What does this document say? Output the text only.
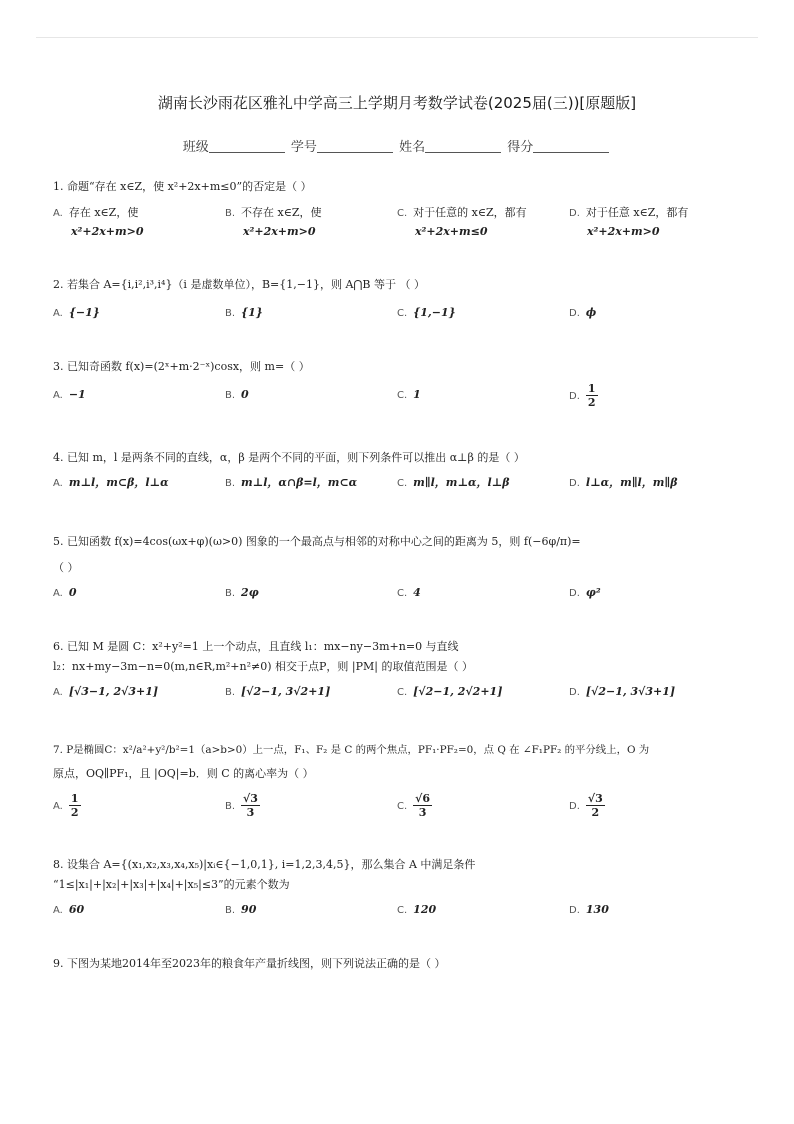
湖南长沙雨花区雅礼中学高三上学期月考数学试卷(2025届(三))[原题版]
班级	学号	姓名	得分
1. 命题“存在 x∈Z，使 x²+2x+m≤0”的否定是（ ）
A. 存在 x∈Z，使
x²+2x+m>0
B. 不存在 x∈Z，使
x²+2x+m>0
C. 对于任意的 x∈Z，都有
x²+2x+m≤0
D. 对于任意 x∈Z，都有
x²+2x+m>0
2. 若集合 A={i,i²,i³,i⁴}（i 是虚数单位），B={1,−1}，则 A⋂B 等于 （ ）
A. {−1}	B. {1}	C. {1,−1}	D. ϕ
3. 已知奇函数 f(x)=(2ˣ+m·2⁻ˣ)cosx，则 m=（ ）
A. −1	B. 0	C. 1	D. $\frac{1}{2}$
4. 已知 m，l 是两条不同的直线，α，β 是两个不同的平面，则下列条件可以推出 α⊥β 的是（ ）
A. m⊥l，m⊂β，l⊥α	B. m⊥l，α∩β=l，m⊂α	C. m∥l，m⊥α，l⊥β	D. l⊥α，m∥l，m∥β
5. 已知函数 f(x)=4cos(ωx+φ)(ω>0) 图象的一个最高点与相邻的对称中心之间的距离为 5，则 f(−6φ/π)=
（ ）
A. 0	B. 2φ	C. 4	D. φ²
6. 已知 M 是圆 C：x²+y²=1 上一个动点，且直线 l₁：mx−ny−3m+n=0 与直线
l₂：nx+my−3m−n=0(m,n∈R,m²+n²≠0) 相交于点P，则 |PM| 的取值范围是（ ）
A. [√3−1, 2√3+1]	B. [√2−1, 3√2+1]	C. [√2−1, 2√2+1]	D. [√2−1, 3√3+1]
7. P是椭圆C：x²/a²+y²/b²=1（a>b>0）上一点，F₁、F₂ 是 C 的两个焦点，PF₁·PF₂=0，点 Q 在 ∠F₁PF₂ 的平分线上，O 为
原点，OQ∥PF₁，且 |OQ|=b．则 C 的离心率为（ ）
A. $\frac{1}{2}$	B. $\frac{√3}{3}$	C. $\frac{√6}{3}$	D. $\frac{√3}{2}$
8. 设集合 A={(x₁,x₂,x₃,x₄,x₅)|xᵢ∈{−1,0,1}, i=1,2,3,4,5}，那么集合 A 中满足条件
“1≤|x₁|+|x₂|+|x₃|+|x₄|+|x₅|≤3”的元素个数为
A. 60	B. 90	C. 120	D. 130
9. 下图为某地2014年至2023年的粮食年产量折线图，则下列说法正确的是（ ）
